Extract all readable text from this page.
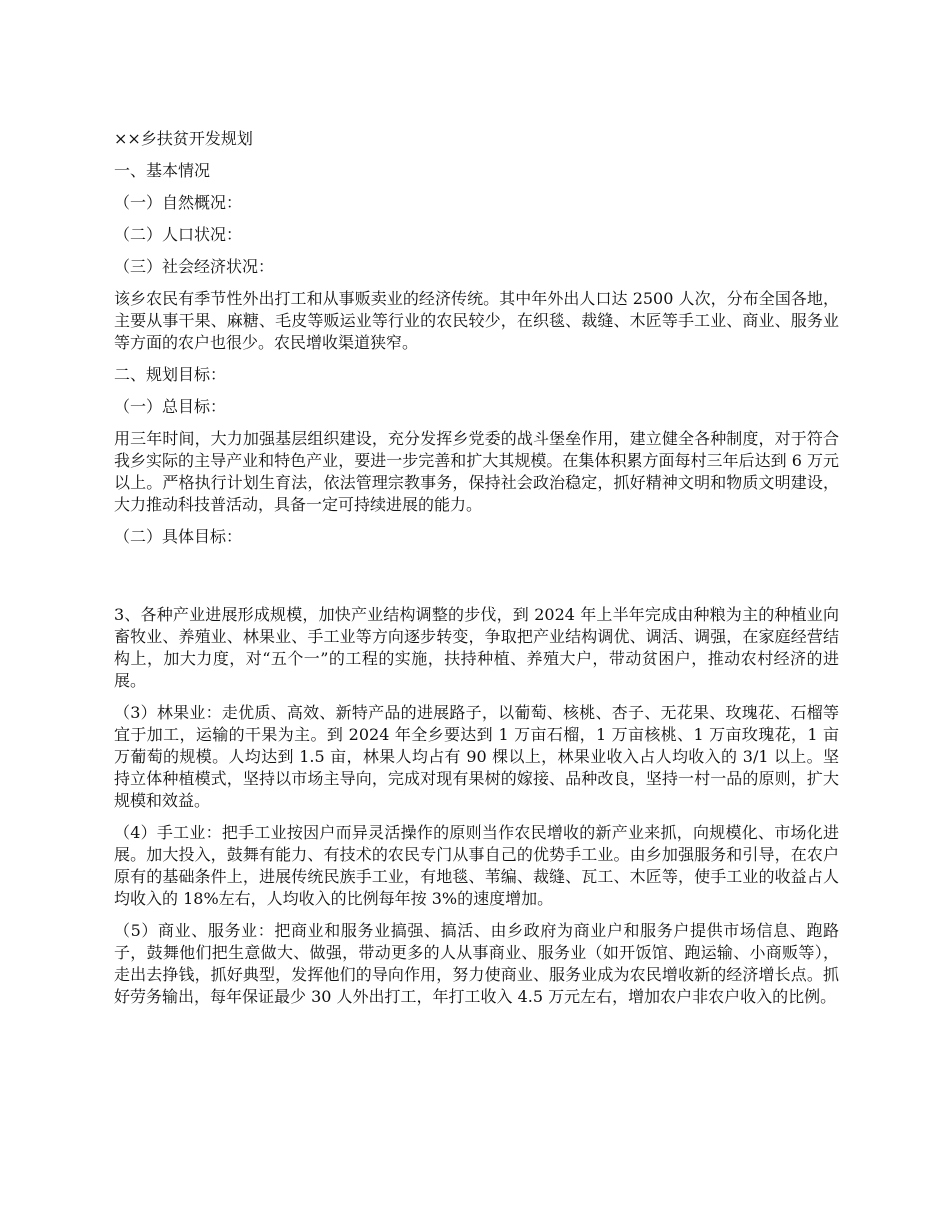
××乡扶贫开发规划
一、基本情况
（一）自然概况：
（二）人口状况：
（三）社会经济状况：
该乡农民有季节性外出打工和从事贩卖业的经济传统。其中年外出人口达 2500 人次，分布全国各地，主要从事干果、麻糖、毛皮等贩运业等行业的农民较少，在织毯、裁缝、木匠等手工业、商业、服务业等方面的农户也很少。农民增收渠道狭窄。
二、规划目标：
（一）总目标：
用三年时间，大力加强基层组织建设，充分发挥乡党委的战斗堡垒作用，建立健全各种制度，对于符合我乡实际的主导产业和特色产业，要进一步完善和扩大其规模。在集体积累方面每村三年后达到 6 万元以上。严格执行计划生育法，依法管理宗教事务，保持社会政治稳定，抓好精神文明和物质文明建设，大力推动科技普活动，具备一定可持续进展的能力。
（二）具体目标：
3、各种产业进展形成规模，加快产业结构调整的步伐，到 2024 年上半年完成由种粮为主的种植业向畜牧业、养殖业、林果业、手工业等方向逐步转变，争取把产业结构调优、调活、调强，在家庭经营结构上，加大力度，对“五个一”的工程的实施，扶持种植、养殖大户，带动贫困户，推动农村经济的进展。
（3）林果业：走优质、高效、新特产品的进展路子，以葡萄、核桃、杏子、无花果、玫瑰花、石榴等宜于加工，运输的干果为主。到 2024 年全乡要达到 1 万亩石榴，1 万亩核桃、1 万亩玫瑰花，1 亩万葡萄的规模。人均达到 1.5 亩，林果人均占有 90 棵以上，林果业收入占人均收入的 3/1 以上。坚持立体种植模式，坚持以市场主导向，完成对现有果树的嫁接、品种改良，坚持一村一品的原则，扩大规模和效益。
（4）手工业：把手工业按因户而异灵活操作的原则当作农民增收的新产业来抓，向规模化、市场化进展。加大投入，鼓舞有能力、有技术的农民专门从事自己的优势手工业。由乡加强服务和引导，在农户原有的基础条件上，进展传统民族手工业，有地毯、苇编、裁缝、瓦工、木匠等，使手工业的收益占人均收入的 18%左右，人均收入的比例每年按 3%的速度增加。
（5）商业、服务业：把商业和服务业搞强、搞活、由乡政府为商业户和服务户提供市场信息、跑路子，鼓舞他们把生意做大、做强，带动更多的人从事商业、服务业（如开饭馆、跑运输、小商贩等），走出去挣钱，抓好典型，发挥他们的导向作用，努力使商业、服务业成为农民增收新的经济增长点。抓好劳务输出，每年保证最少 30 人外出打工，年打工收入 4.5 万元左右，增加农户非农户收入的比例。
